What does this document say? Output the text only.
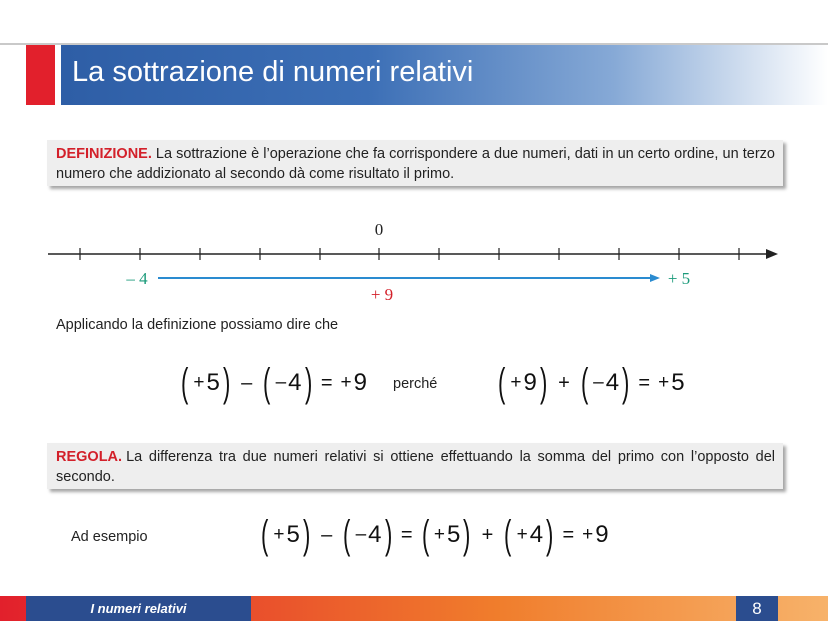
La sottrazione di numeri relativi
DEFINIZIONE. La sottrazione è l’operazione che fa corrispondere a due numeri, dati in un certo ordine, un terzo numero che addizionato al secondo dà come risultato il primo.
0
– 4	+ 5
+ 9
Applicando la definizione possiamo dire che
( + 5 ) – ( – 4 ) = + 9 perché ( + 9 ) + ( – 4 ) = + 5
REGOLA. La differenza tra due numeri relativi si ottiene effettuando la somma del primo con l’opposto del secondo.
Ad esempio	( + 5 ) – ( – 4 ) = ( + 5 ) + ( + 4 ) = + 9
I numeri relativi	8
